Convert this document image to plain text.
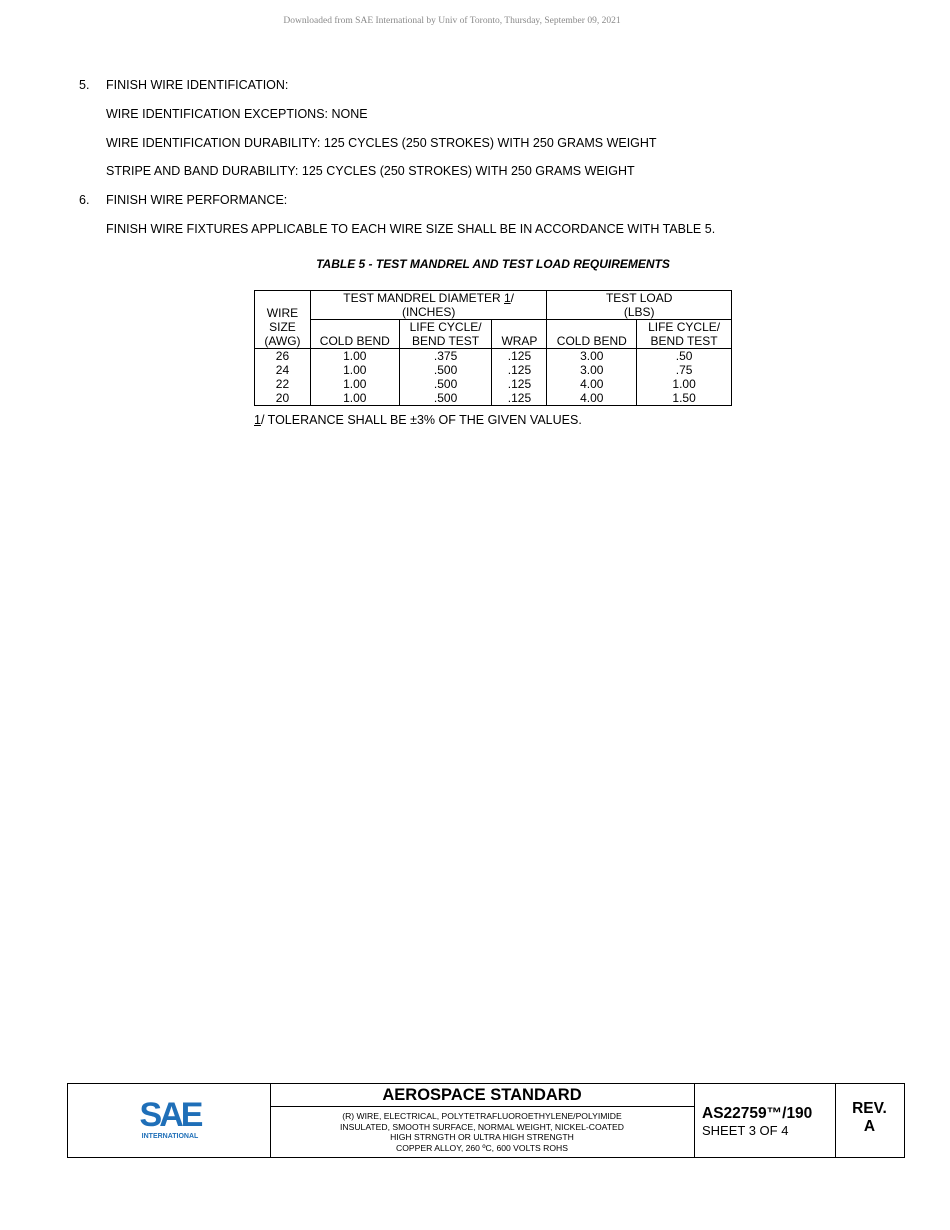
Downloaded from SAE International by Univ of Toronto, Thursday, September 09, 2021
5. FINISH WIRE IDENTIFICATION:
WIRE IDENTIFICATION EXCEPTIONS: NONE
WIRE IDENTIFICATION DURABILITY: 125 CYCLES (250 STROKES) WITH 250 GRAMS WEIGHT
STRIPE AND BAND DURABILITY: 125 CYCLES (250 STROKES) WITH 250 GRAMS WEIGHT
6. FINISH WIRE PERFORMANCE:
FINISH WIRE FIXTURES APPLICABLE TO EACH WIRE SIZE SHALL BE IN ACCORDANCE WITH TABLE 5.
TABLE 5 - TEST MANDREL AND TEST LOAD REQUIREMENTS
	TEST MANDREL DIAMETER 1/			TEST LOAD	
WIRE	(INCHES)			(LBS)	
SIZE		LIFE CYCLE/			LIFE CYCLE/
(AWG)	COLD BEND	BEND TEST	WRAP	COLD BEND	BEND TEST
26	1.00	.375	.125	3.00	.50
24	1.00	.500	.125	3.00	.75
22	1.00	.500	.125	4.00	1.00
20	1.00	.500	.125	4.00	1.50
1/ TOLERANCE SHALL BE ±3% OF THE GIVEN VALUES.
SAE
INTERNATIONAL
AEROSPACE STANDARD
(R) WIRE, ELECTRICAL, POLYTETRAFLUOROETHYLENE/POLYIMIDE
INSULATED, SMOOTH SURFACE, NORMAL WEIGHT, NICKEL-COATED
HIGH STRNGTH OR ULTRA HIGH STRENGTH
COPPER ALLOY, 260 ºC, 600 VOLTS ROHS
AS22759™/190
SHEET 3 OF 4
REV.
A
